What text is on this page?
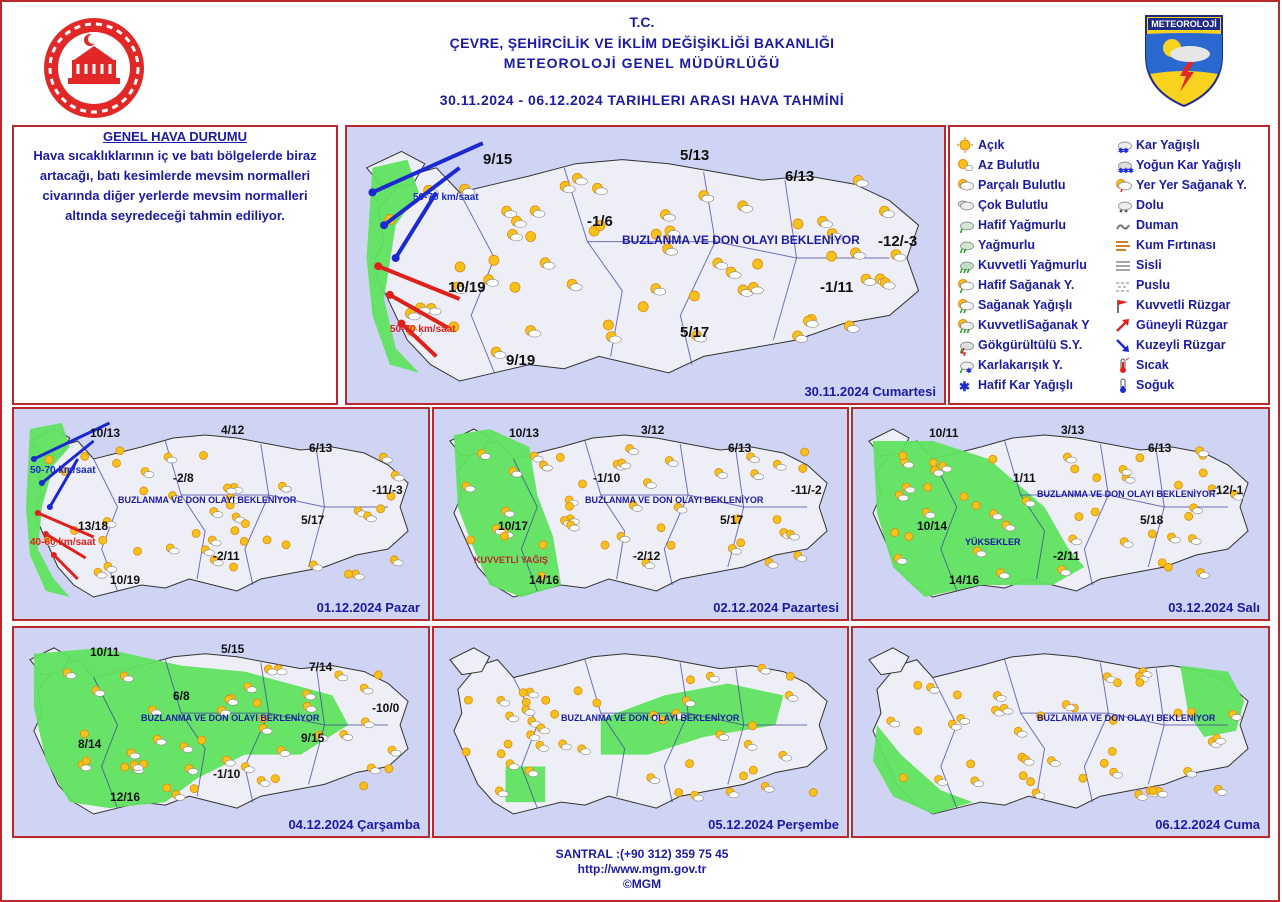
METEOROLOJİ
T.C.
ÇEVRE, ŞEHİRCİLİK VE İKLİM DEĞİŞİKLİĞİ BAKANLIĞI
METEOROLOJİ GENEL MÜDÜRLÜĞÜ
30.11.2024 - 06.12.2024 TARIHLERI ARASI HAVA TAHMİNİ
GENEL HAVA DURUMU
Hava sıcaklıklarının iç ve batı bölgelerde biraz artacağı, batı kesimlerde mevsim normalleri civarında diğer yerlerde mevsim normalleri altında seyredeceği tahmin ediliyor.
9/15	5/13
6/13
-1/6
-12/-3
10/19	-1/11
5/17
9/19
BUZLANMA VE DON OLAYI BEKLENİYOR
50-70 km/saat
50-70 km/saat
30.11.2024 Cumartesi
Açık	✱ ✱ Kar Yağışlı
Az Bulutlu	✱ ✱ ✱ Yoğun Kar Yağışlı
Parçalı Bulutlu	Yer Yer Sağanak Y.
Çok Bulutlu	Dolu
Hafif Yağmurlu	Duman
Yağmurlu	Kum Fırtınası
Kuvvetli Yağmurlu	Sisli
Hafif Sağanak Y.	Puslu
Sağanak Yağışlı	Kuvvetli Rüzgar
KuvvetliSağanak Y	Güneyli Rüzgar
Gökgürültülü S.Y.	Kuzeyli Rüzgar
✱ Karlakarışık Y.	Sıcak
✱ Hafif Kar Yağışlı	Soğuk
10/13	4/12
6/13
-2/8
-11/-3
13/18	5/17
-2/11
10/19
BUZLANMA VE DON OLAYI BEKLENİYOR
50-70 km/saat
40-60 km/saat
01.12.2024 Pazar
10/13	3/12
6/13
-1/10
-11/-2
10/17	5/17
-2/12
14/16
BUZLANMA VE DON OLAYI BEKLENİYOR
KUVVETLİ YAĞIŞ
02.12.2024 Pazartesi
10/11	3/13
6/13
1/11
-12/-1
10/14	5/18
-2/11
14/16
BUZLANMA VE DON OLAYI BEKLENİYOR
YÜKSEKLER
03.12.2024 Salı
10/11	5/15
7/14
6/8
-10/0
8/14	9/15
-1/10
12/16
BUZLANMA VE DON OLAYI BEKLENİYOR
04.12.2024 Çarşamba
BUZLANMA VE DON OLAYI BEKLENİYOR
05.12.2024 Perşembe
BUZLANMA VE DON OLAYI BEKLENİYOR
06.12.2024 Cuma
SANTRAL :(+90 312) 359 75 45
http://www.mgm.gov.tr
©MGM
